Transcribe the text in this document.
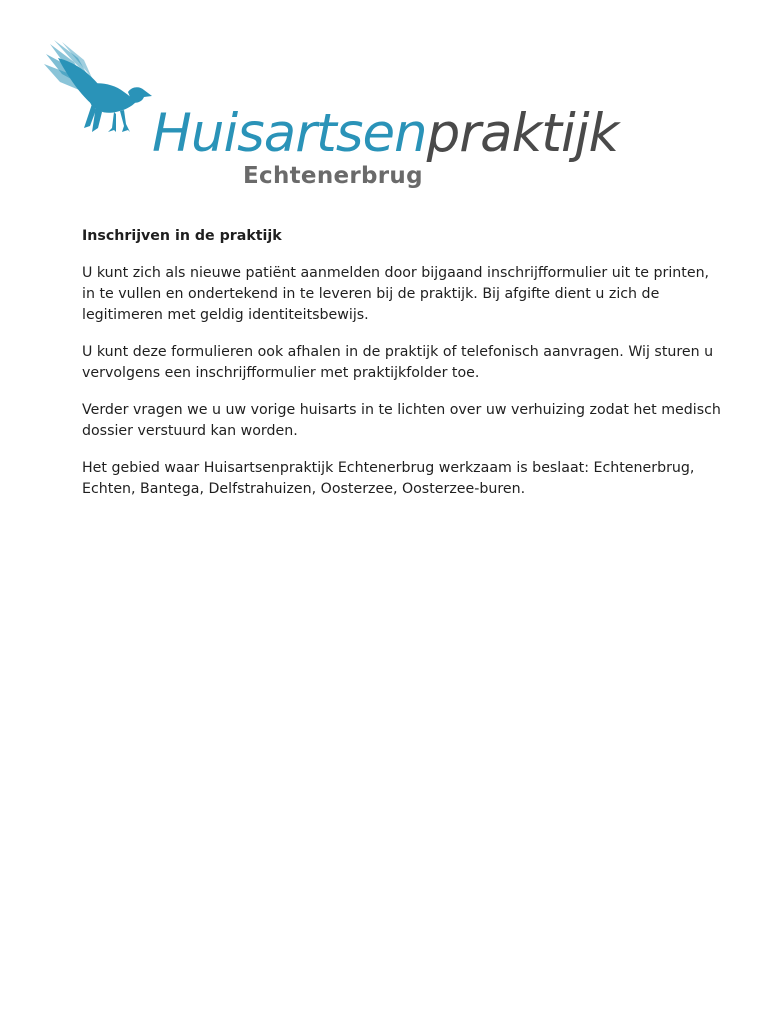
Huisartsenpraktijk
Echtenerbrug
Inschrijven in de praktijk

U kunt zich als nieuwe patiënt aanmelden door bijgaand inschrijfformulier uit te printen, in te vullen en ondertekend in te leveren bij de praktijk. Bij afgifte dient u zich de legitimeren met geldig identiteitsbewijs.

U kunt deze formulieren ook afhalen in de praktijk of telefonisch aanvragen. Wij sturen u vervolgens een inschrijfformulier met praktijkfolder toe.

Verder vragen we u uw vorige huisarts in te lichten over uw verhuizing zodat het medisch dossier verstuurd kan worden.

Het gebied waar Huisartsenpraktijk Echtenerbrug werkzaam is beslaat: Echtenerbrug, Echten, Bantega, Delfstrahuizen, Oosterzee, Oosterzee-buren.
